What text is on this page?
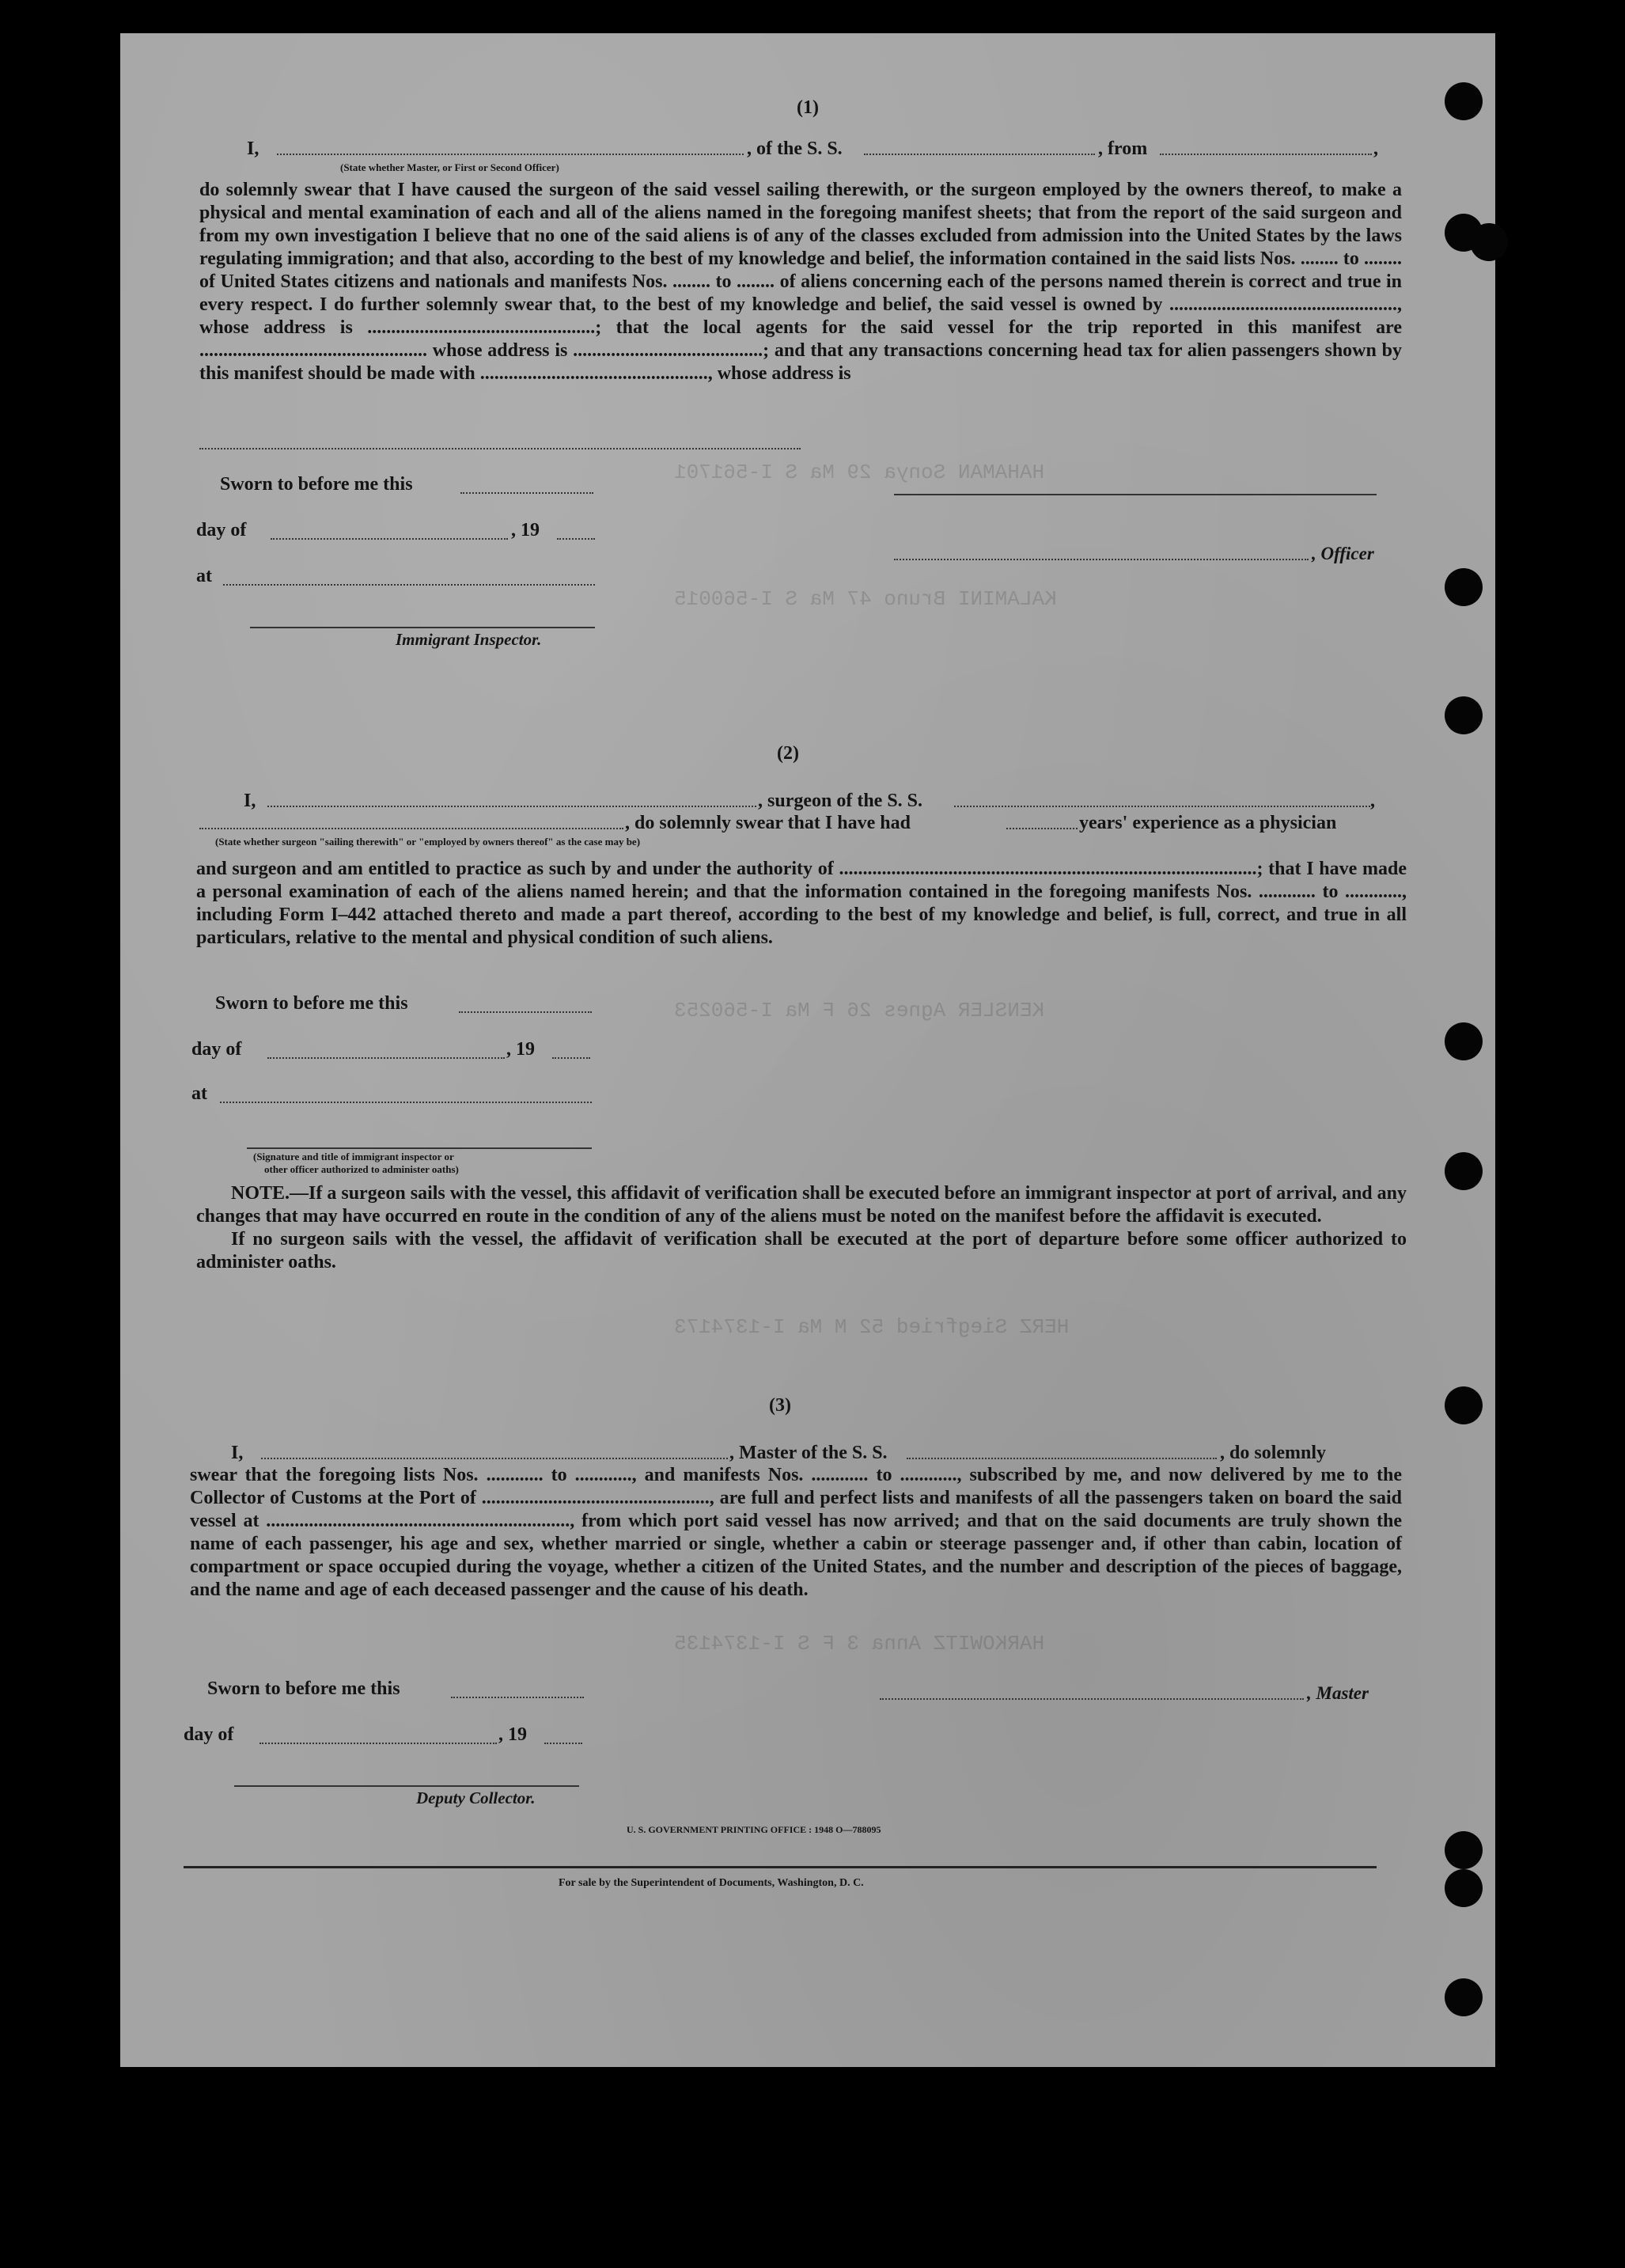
HAHAMAN Sonya 29 Ma S I-561701
KALAMINI Bruno 47 Ma S I-560015
KENSLER Agnes 26 F Ma I-560253
HERZ Siegfried 52 M Ma I-1374173
HARKOWITZ Anna 3 F S I-1374135
(1)
I,	, of the S. S.	, from	,
(State whether Master, or First or Second Officer)

do solemnly swear that I have caused the surgeon of the said vessel sailing therewith, or the surgeon employed by the owners thereof, to make a physical and mental examination of each and all of the aliens named in the foregoing manifest sheets; that from the report of the said surgeon and from my own investigation I believe that no one of the said aliens is of any of the classes excluded from admission into the United States by the laws regulating immigration; and that also, according to the best of my knowledge and belief, the information contained in the said lists Nos. ........ to ........ of United States citizens and nationals and manifests Nos. ........ to ........ of aliens concerning each of the persons named therein is correct and true in every respect. I do further solemnly swear that, to the best of my knowledge and belief, the said vessel is owned by ................................................, whose address is ................................................; that the local agents for the said vessel for the trip reported in this manifest are ................................................ whose address is ........................................; and that any transactions concerning head tax for alien passengers shown by this manifest should be made with ................................................, whose address is

Sworn to before me this
day of	, 19
at
Immigrant Inspector.
, Officer
(2)
I,	, surgeon of the S. S.	,
, do solemnly swear that I have had	years' experience as a physician
(State whether surgeon "sailing therewith" or "employed by owners thereof" as the case may be)

and surgeon and am entitled to practice as such by and under the authority of ........................................................................................; that I have made a personal examination of each of the aliens named herein; and that the information contained in the foregoing manifests Nos. ............ to ............, including Form I–442 attached thereto and made a part thereof, according to the best of my knowledge and belief, is full, correct, and true in all particulars, relative to the mental and physical condition of such aliens.

Sworn to before me this
day of	, 19
at
(Signature and title of immigrant inspector or
other officer authorized to administer oaths)

NOTE.—If a surgeon sails with the vessel, this affidavit of verification shall be executed before an immigrant inspector at port of arrival, and any changes that may have occurred en route in the condition of any of the aliens must be noted on the manifest before the affidavit is executed.

If no surgeon sails with the vessel, the affidavit of verification shall be executed at the port of departure before some officer authorized to administer oaths.

(3)
I,	, Master of the S. S.	, do solemnly

swear that the foregoing lists Nos. ............ to ............, and manifests Nos. ............ to ............, subscribed by me, and now delivered by me to the Collector of Customs at the Port of ................................................, are full and perfect lists and manifests of all the passengers taken on board the said vessel at ................................................................, from which port said vessel has now arrived; and that on the said documents are truly shown the name of each passenger, his age and sex, whether married or single, whether a cabin or steerage passenger and, if other than cabin, location of compartment or space occupied during the voyage, whether a citizen of the United States, and the number and description of the pieces of baggage, and the name and age of each deceased passenger and the cause of his death.

Sworn to before me this
day of	, 19
Deputy Collector.
, Master
U. S. GOVERNMENT PRINTING OFFICE : 1948 O—788095
For sale by the Superintendent of Documents, Washington, D. C.
